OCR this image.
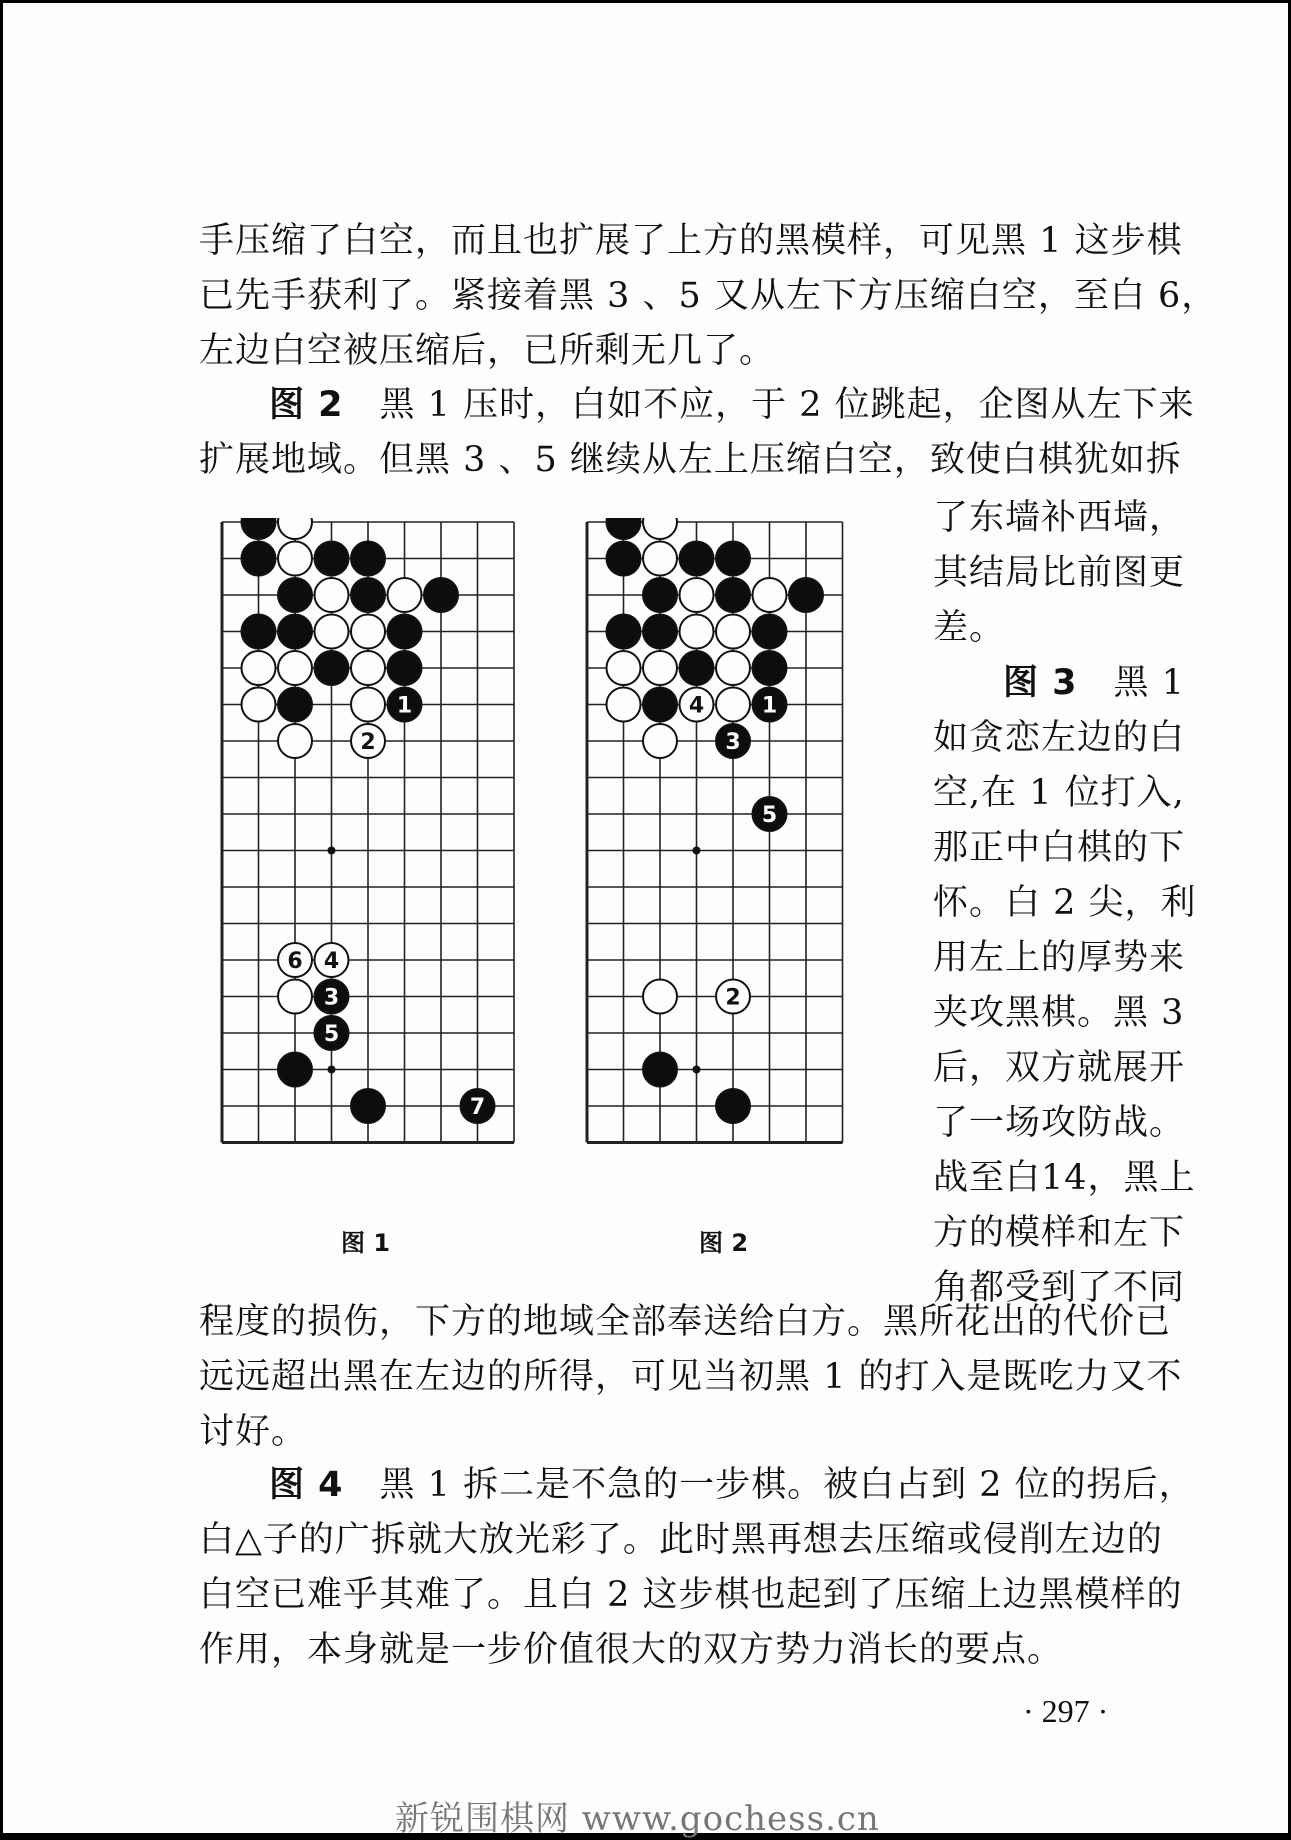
手压缩了白空，而且也扩展了上方的黑模样，可见黑 1 这步棋
已先手获利了。紧接着黑 3 、5 又从左下方压缩白空，至白 6，
左边白空被压缩后，已所剩无几了。
图 2　黑 1 压时，白如不应，于 2 位跳起，企图从左下来
扩展地域。但黑 3 、5 继续从左上压缩白空，致使白棋犹如拆
了东墙补西墙，
其结局比前图更
差。
图 3　黑 1
如贪恋左边的白
空,在 1 位打入,
那正中白棋的下
怀。白 2 尖，利
用左上的厚势来
夹攻黑棋。黑 3
后，双方就展开
了一场攻防战。
战至白14，黑上
方的模样和左下
角都受到了不同
1
2
6 4
3
5
7
4	1
3
5
2
图 1	图 2
程度的损伤，下方的地域全部奉送给白方。黑所花出的代价已
远远超出黑在左边的所得，可见当初黑 1 的打入是既吃力又不
讨好。
图 4　黑 1 拆二是不急的一步棋。被白占到 2 位的拐后，
白△子的广拆就大放光彩了。此时黑再想去压缩或侵削左边的
白空已难乎其难了。且白 2 这步棋也起到了压缩上边黑模样的
作用，本身就是一步价值很大的双方势力消长的要点。
· 297 ·
新锐围棋网 www.gochess.cn
